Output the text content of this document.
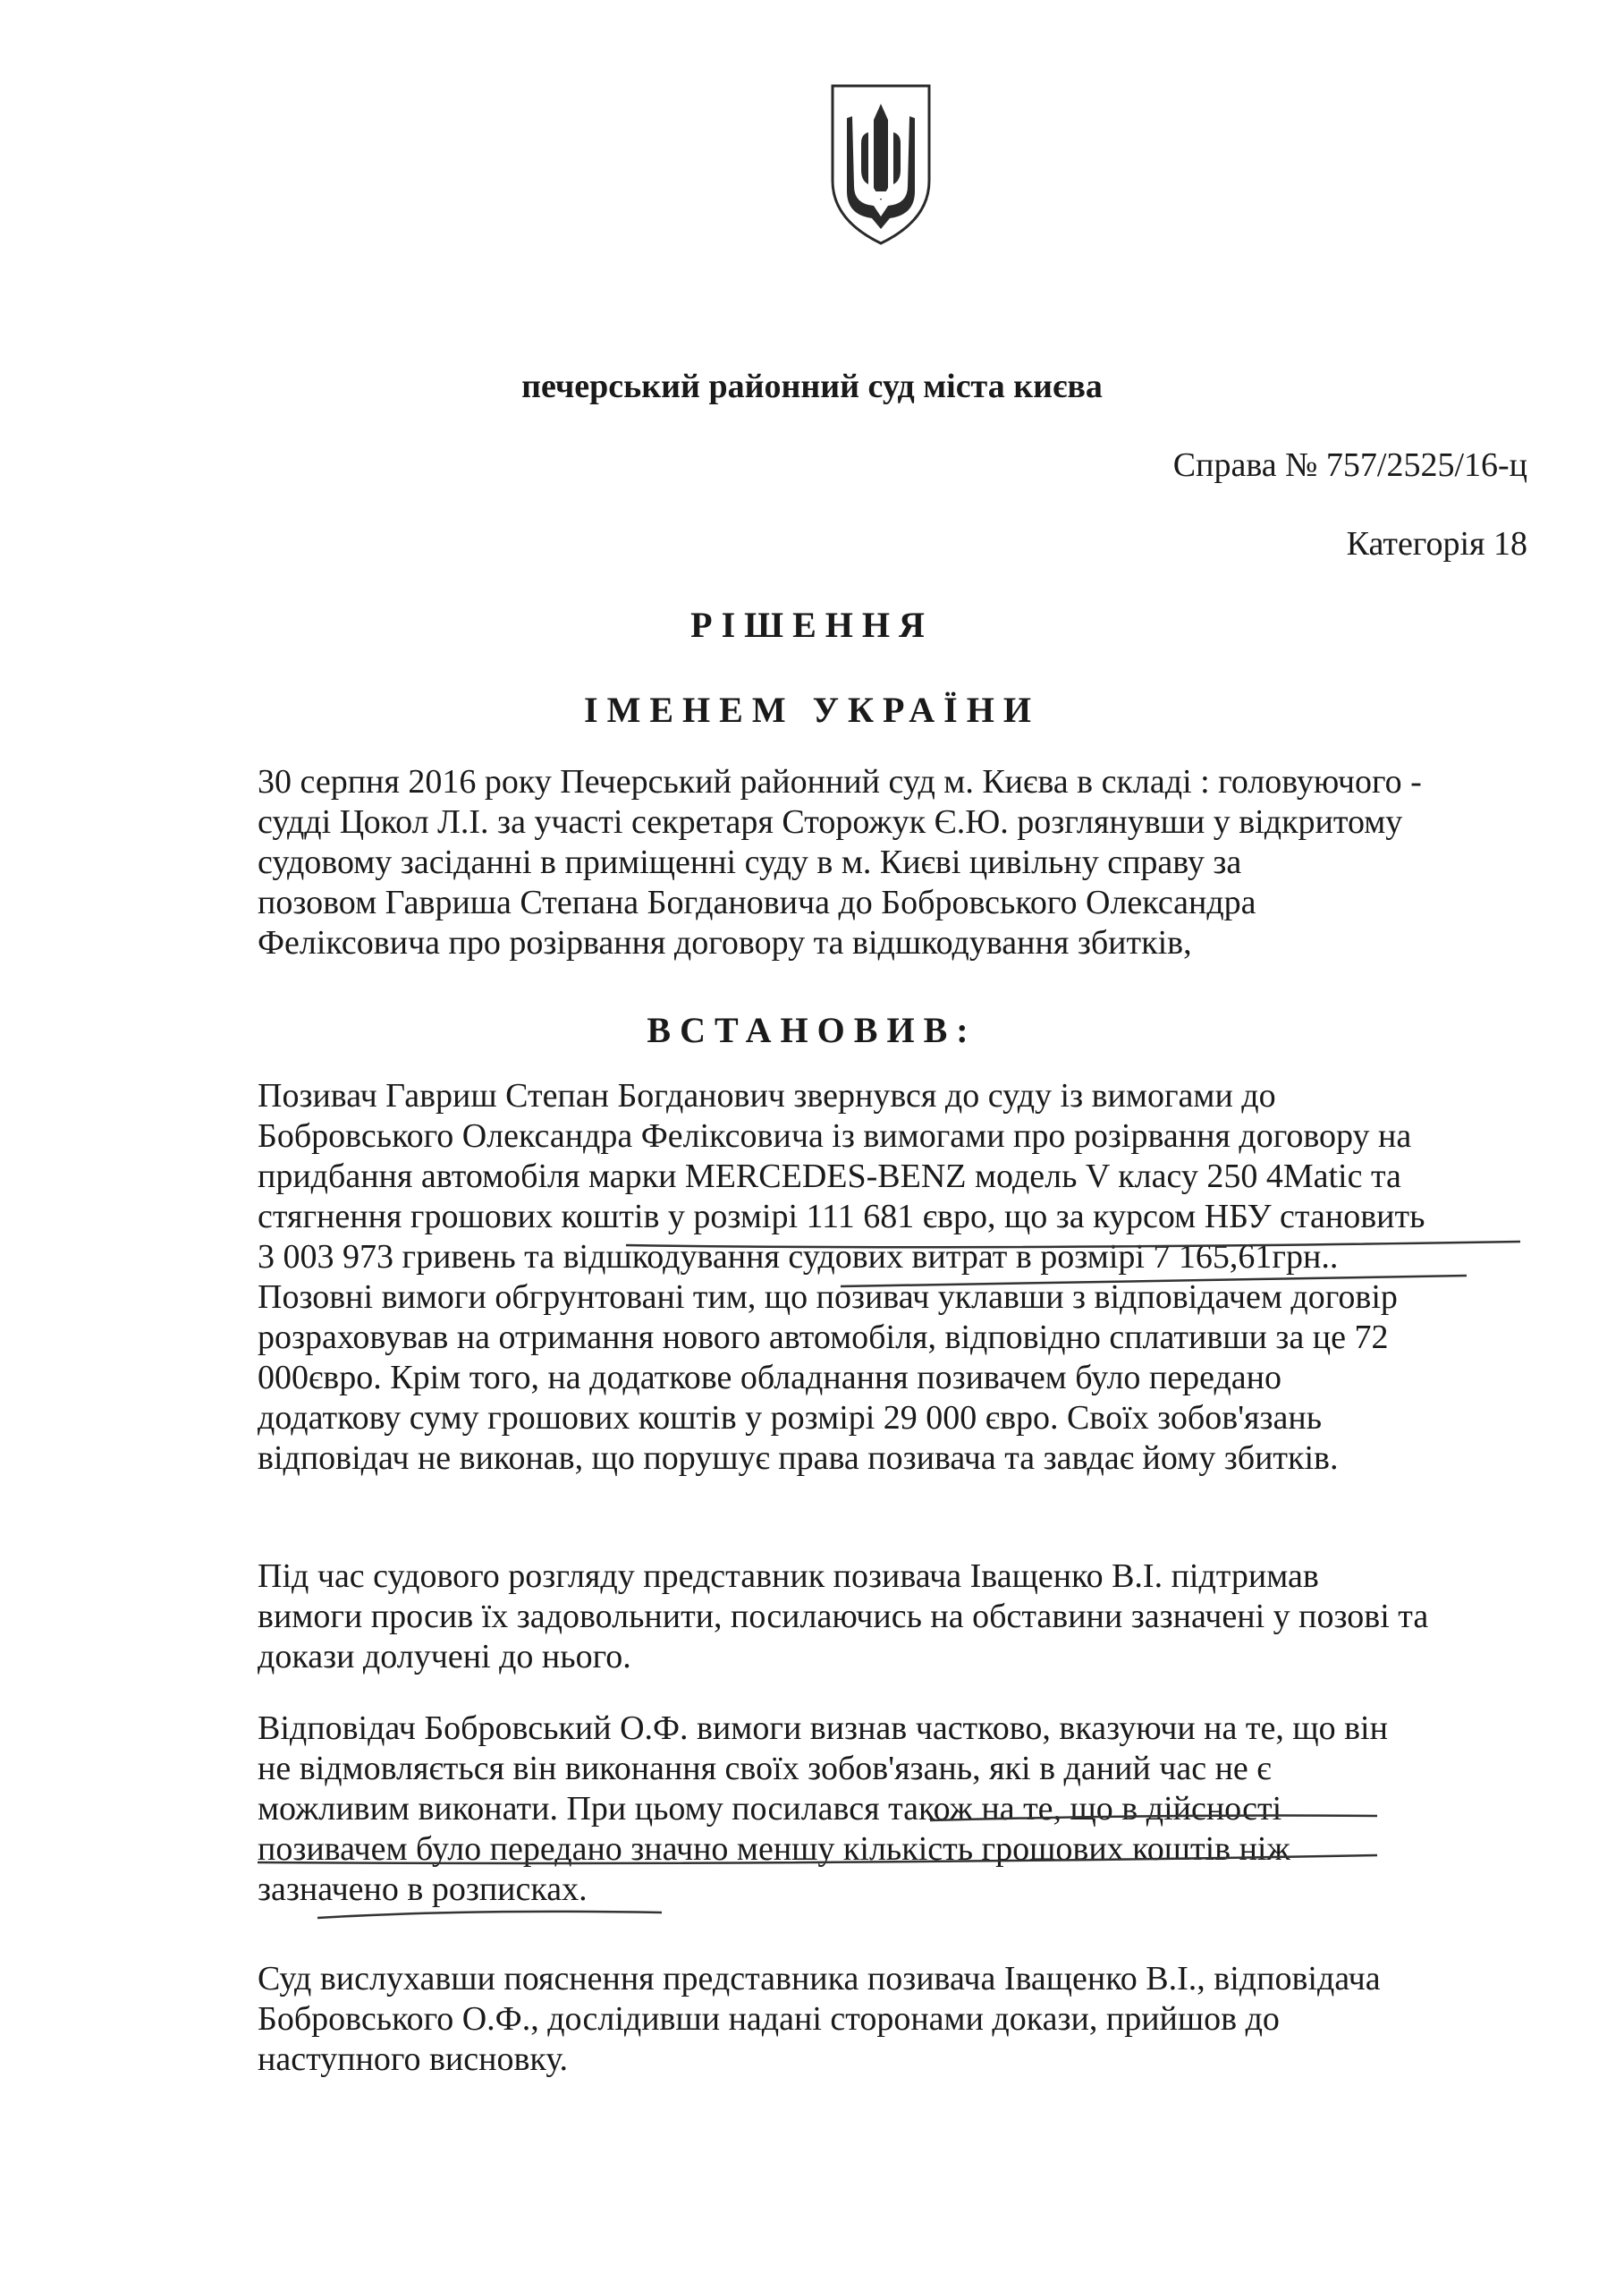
печерський районний суд міста києва
Справа № 757/2525/16-ц
Категорія 18
РІШЕННЯ
ІМЕНЕМ УКРАЇНИ

30 серпня 2016 року Печерський районний суд м. Києва в складі : головуючого -
судді Цокол Л.І. за участі секретаря Сторожук Є.Ю. розглянувши у відкритому
судовому засіданні в приміщенні суду в м. Києві цивільну справу за
позовом Гавриша Степана Богдановича до Бобровського Олександра
Феліксовича про розірвання договору та відшкодування збитків,

ВСТАНОВИВ:

Позивач Гавриш Степан Богданович звернувся до суду із вимогами до
Бобровського Олександра Феліксовича із вимогами про розірвання договору на
придбання автомобіля марки MERCEDES-BENZ модель V класу 250 4Matic та
стягнення грошових коштів у розмірі 111 681 євро, що за курсом НБУ становить
3 003 973 гривень та відшкодування судових витрат в розмірі 7 165,61грн..
Позовні вимоги обгрунтовані тим, що позивач уклавши з відповідачем договір
розраховував на отримання нового автомобіля, відповідно сплативши за це 72
000євро. Крім того, на додаткове обладнання позивачем було передано
додаткову суму грошових коштів у розмірі 29 000 євро. Своїх зобов'язань
відповідач не виконав, що порушує права позивача та завдає йому збитків.

Під час судового розгляду представник позивача Іващенко В.І. підтримав
вимоги просив їх задовольнити, посилаючись на обставини зазначені у позові та
докази долучені до нього.

Відповідач Бобровський О.Ф. вимоги визнав частково, вказуючи на те, що він
не відмовляється він виконання своїх зобов'язань, які в даний час не є
можливим виконати. При цьому посилався також на те, що в дійсності
позивачем було передано значно меншу кількість грошових коштів ніж
зазначено в розписках.

Суд вислухавши пояснення представника позивача Іващенко В.І., відповідача
Бобровського О.Ф., дослідивши надані сторонами докази, прийшов до
наступного висновку.
